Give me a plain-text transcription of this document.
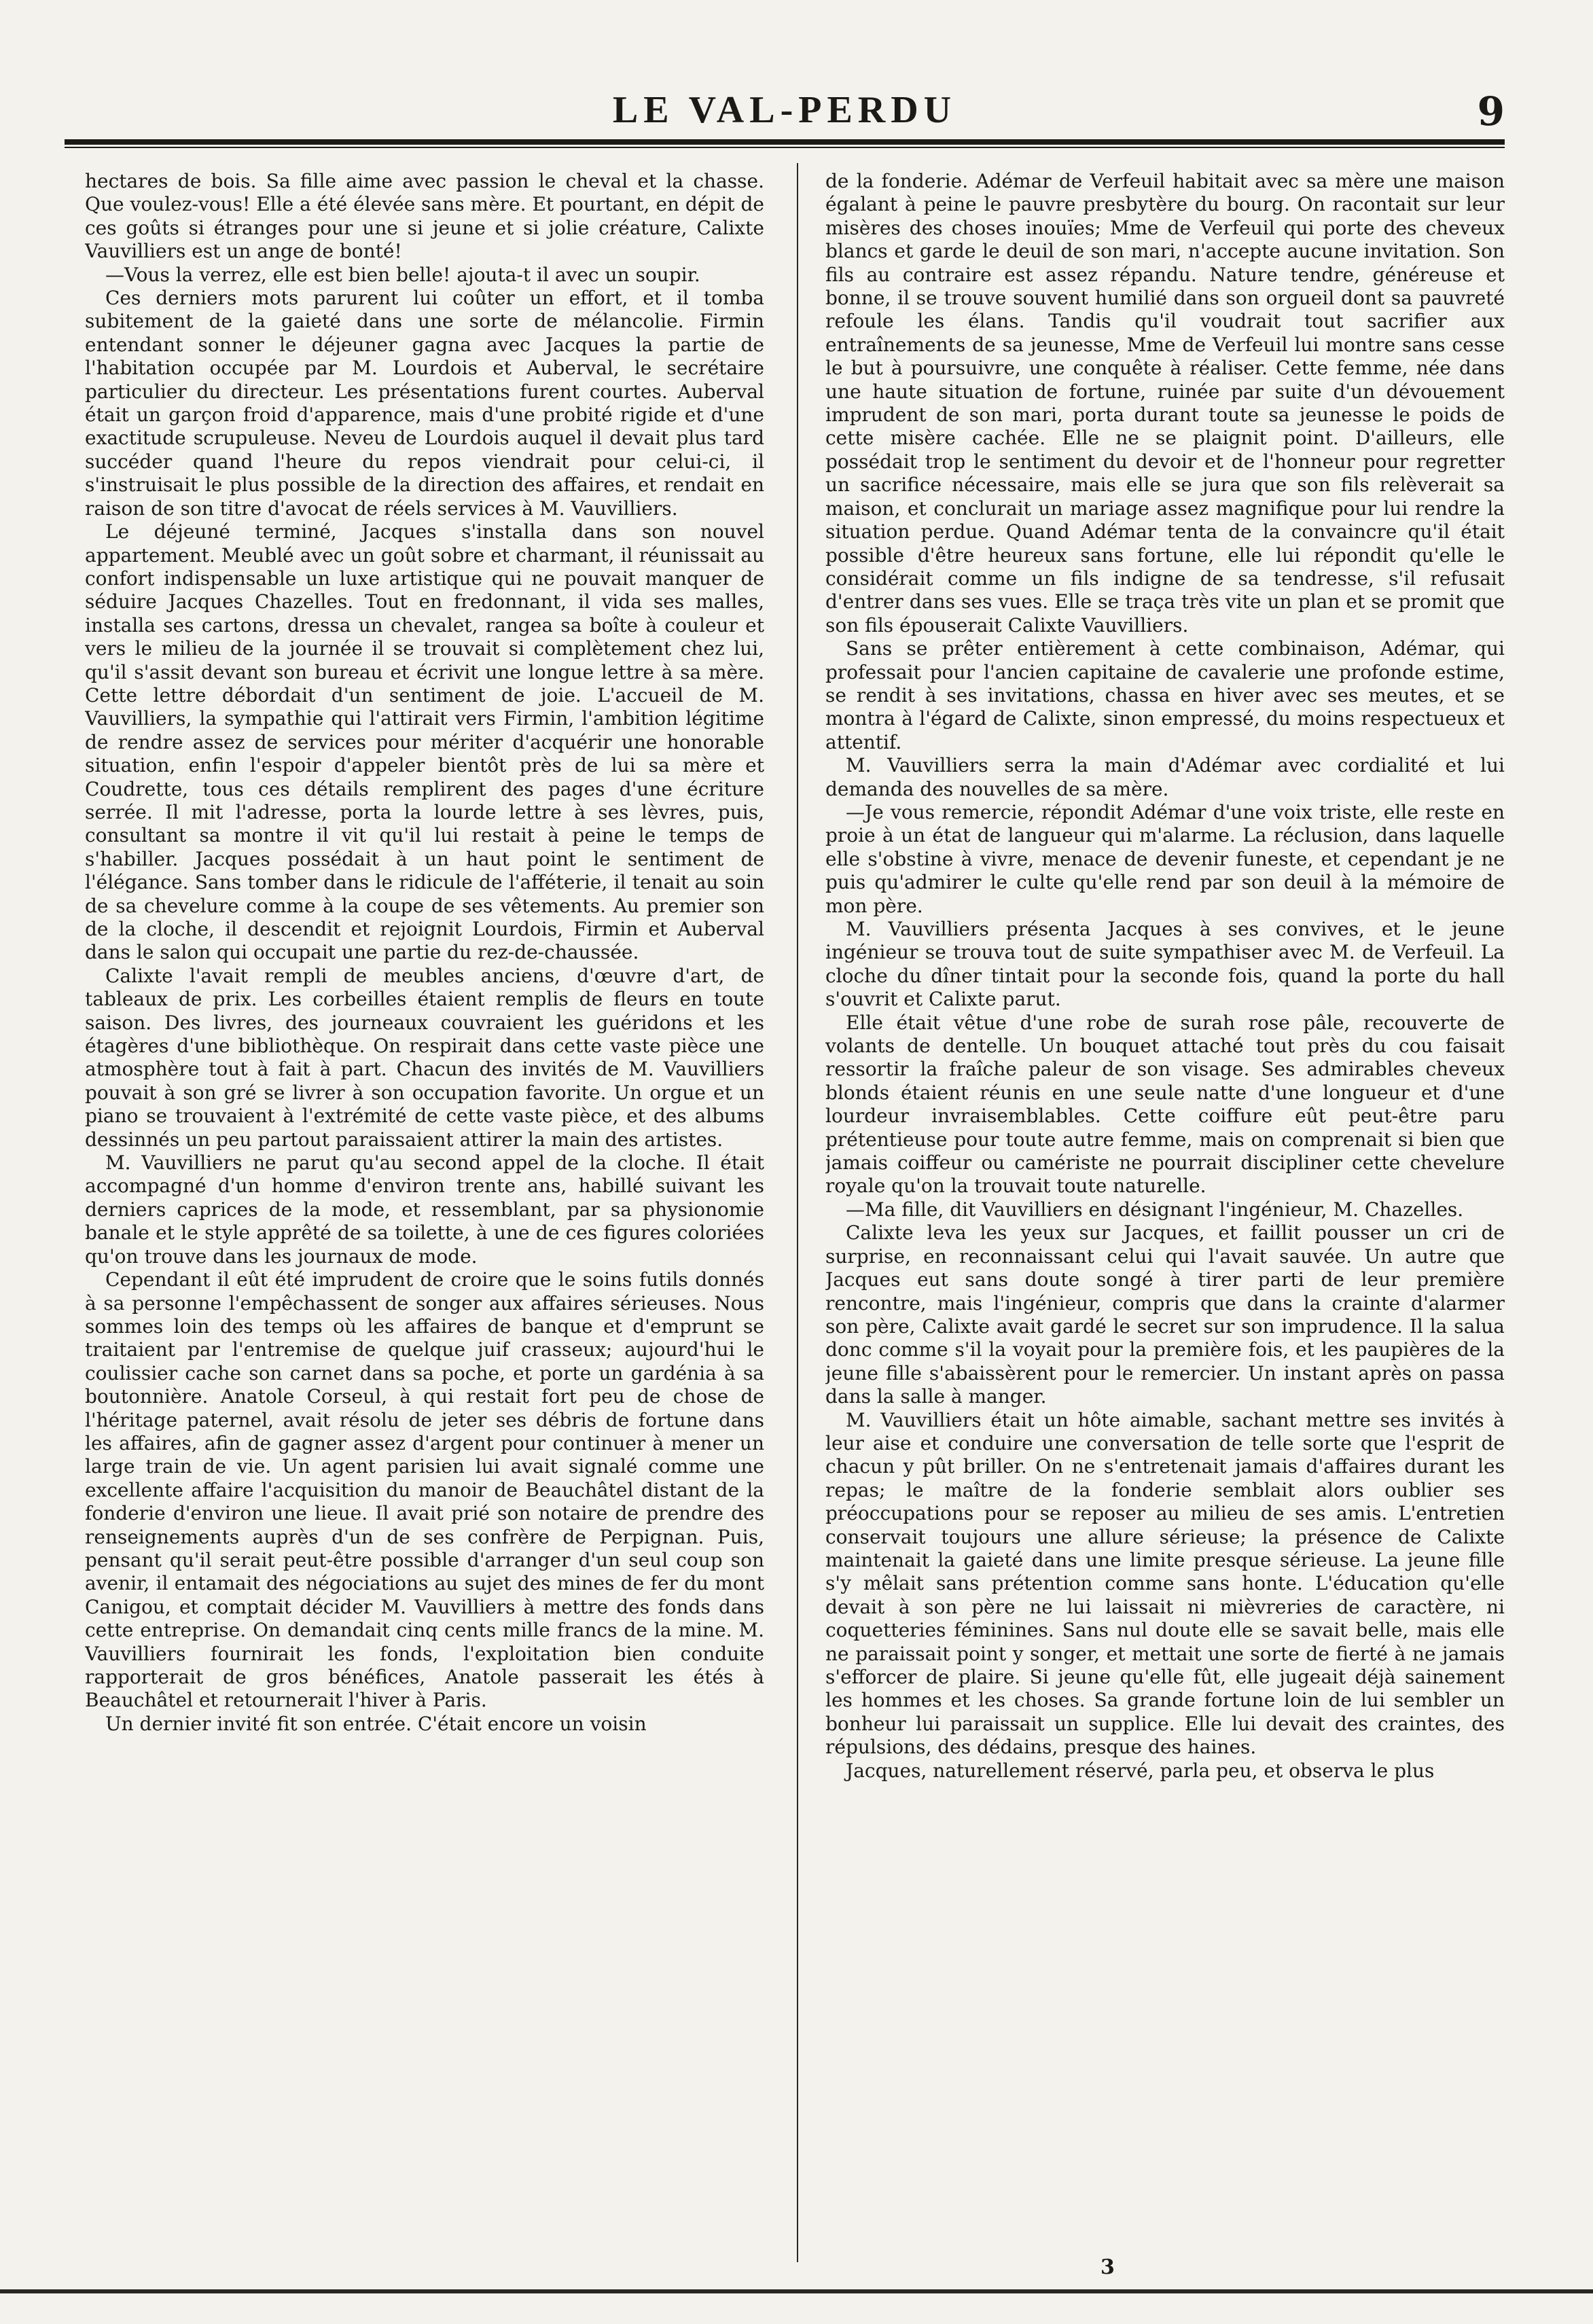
LE VAL-PERDU	9

hectares de bois. Sa fille aime avec passion le cheval et la chasse. Que voulez-vous! Elle a été élevée sans mère. Et pourtant, en dépit de ces goûts si étranges pour une si jeune et si jolie créature, Calixte Vauvilliers est un ange de bonté!

—Vous la verrez, elle est bien belle! ajouta-t il avec un soupir.

Ces derniers mots parurent lui coûter un effort, et il tomba subitement de la gaieté dans une sorte de mélancolie. Firmin entendant sonner le déjeuner gagna avec Jacques la partie de l'habitation occupée par M. Lourdois et Auberval, le secrétaire particulier du directeur. Les présentations furent courtes. Auberval était un garçon froid d'apparence, mais d'une probité rigide et d'une exactitude scrupuleuse. Neveu de Lourdois auquel il devait plus tard succéder quand l'heure du repos viendrait pour celui-ci, il s'instruisait le plus possible de la direction des affaires, et rendait en raison de son titre d'avocat de réels services à M. Vauvilliers.

Le déjeuné terminé, Jacques s'installa dans son nouvel appartement. Meublé avec un goût sobre et charmant, il réunissait au confort indispensable un luxe artistique qui ne pouvait manquer de séduire Jacques Chazelles. Tout en fredonnant, il vida ses malles, installa ses cartons, dressa un chevalet, rangea sa boîte à couleur et vers le milieu de la journée il se trouvait si complètement chez lui, qu'il s'assit devant son bureau et écrivit une longue lettre à sa mère. Cette lettre débordait d'un sentiment de joie. L'accueil de M. Vauvilliers, la sympathie qui l'attirait vers Firmin, l'ambition légitime de rendre assez de services pour mériter d'acquérir une honorable situation, enfin l'espoir d'appeler bientôt près de lui sa mère et Coudrette, tous ces détails remplirent des pages d'une écriture serrée. Il mit l'adresse, porta la lourde lettre à ses lèvres, puis, consultant sa montre il vit qu'il lui restait à peine le temps de s'habiller. Jacques possédait à un haut point le sentiment de l'élégance. Sans tomber dans le ridicule de l'afféterie, il tenait au soin de sa chevelure comme à la coupe de ses vêtements. Au premier son de la cloche, il descendit et rejoignit Lourdois, Firmin et Auberval dans le salon qui occupait une partie du rez-de-chaussée.

Calixte l'avait rempli de meubles anciens, d'œuvre d'art, de tableaux de prix. Les corbeilles étaient remplis de fleurs en toute saison. Des livres, des journeaux couvraient les guéridons et les étagères d'une bibliothèque. On respirait dans cette vaste pièce une atmosphère tout à fait à part. Chacun des invités de M. Vauvilliers pouvait à son gré se livrer à son occupation favorite. Un orgue et un piano se trouvaient à l'extrémité de cette vaste pièce, et des albums dessinnés un peu partout paraissaient attirer la main des artistes.

M. Vauvilliers ne parut qu'au second appel de la cloche. Il était accompagné d'un homme d'environ trente ans, habillé suivant les derniers caprices de la mode, et ressemblant, par sa physionomie banale et le style apprêté de sa toilette, à une de ces figures coloriées qu'on trouve dans les journaux de mode.

Cependant il eût été imprudent de croire que le soins futils donnés à sa personne l'empêchassent de songer aux affaires sérieuses. Nous sommes loin des temps où les affaires de banque et d'emprunt se traitaient par l'entremise de quelque juif crasseux; aujourd'hui le coulissier cache son carnet dans sa poche, et porte un gardénia à sa boutonnière. Anatole Corseul, à qui restait fort peu de chose de l'héritage paternel, avait résolu de jeter ses débris de fortune dans les affaires, afin de gagner assez d'argent pour continuer à mener un large train de vie. Un agent parisien lui avait signalé comme une excellente affaire l'acquisition du manoir de Beauchâtel distant de la fonderie d'environ une lieue. Il avait prié son notaire de prendre des renseignements auprès d'un de ses confrère de Perpignan. Puis, pensant qu'il serait peut-être possible d'arranger d'un seul coup son avenir, il entamait des négociations au sujet des mines de fer du mont Canigou, et comptait décider M. Vauvilliers à mettre des fonds dans cette entreprise. On demandait cinq cents mille francs de la mine. M. Vauvilliers fournirait les fonds, l'exploitation bien conduite rapporterait de gros bénéfices, Anatole passerait les étés à Beauchâtel et retournerait l'hiver à Paris.

Un dernier invité fit son entrée. C'était encore un voisin

de la fonderie. Adémar de Verfeuil habitait avec sa mère une maison égalant à peine le pauvre presbytère du bourg. On racontait sur leur misères des choses inouïes; Mme de Verfeuil qui porte des cheveux blancs et garde le deuil de son mari, n'accepte aucune invitation. Son fils au contraire est assez répandu. Nature tendre, généreuse et bonne, il se trouve souvent humilié dans son orgueil dont sa pauvreté refoule les élans. Tandis qu'il voudrait tout sacrifier aux entraînements de sa jeunesse, Mme de Verfeuil lui montre sans cesse le but à poursuivre, une conquête à réaliser. Cette femme, née dans une haute situation de fortune, ruinée par suite d'un dévouement imprudent de son mari, porta durant toute sa jeunesse le poids de cette misère cachée. Elle ne se plaignit point. D'ailleurs, elle possédait trop le sentiment du devoir et de l'honneur pour regretter un sacrifice nécessaire, mais elle se jura que son fils relèverait sa maison, et conclurait un mariage assez magnifique pour lui rendre la situation perdue. Quand Adémar tenta de la convaincre qu'il était possible d'être heureux sans fortune, elle lui répondit qu'elle le considérait comme un fils indigne de sa tendresse, s'il refusait d'entrer dans ses vues. Elle se traça très vite un plan et se promit que son fils épouserait Calixte Vauvilliers.

Sans se prêter entièrement à cette combinaison, Adémar, qui professait pour l'ancien capitaine de cavalerie une profonde estime, se rendit à ses invitations, chassa en hiver avec ses meutes, et se montra à l'égard de Calixte, sinon empressé, du moins respectueux et attentif.

M. Vauvilliers serra la main d'Adémar avec cordialité et lui demanda des nouvelles de sa mère.

—Je vous remercie, répondit Adémar d'une voix triste, elle reste en proie à un état de langueur qui m'alarme. La réclusion, dans laquelle elle s'obstine à vivre, menace de devenir funeste, et cependant je ne puis qu'admirer le culte qu'elle rend par son deuil à la mémoire de mon père.

M. Vauvilliers présenta Jacques à ses convives, et le jeune ingénieur se trouva tout de suite sympathiser avec M. de Verfeuil. La cloche du dîner tintait pour la seconde fois, quand la porte du hall s'ouvrit et Calixte parut.

Elle était vêtue d'une robe de surah rose pâle, recouverte de volants de dentelle. Un bouquet attaché tout près du cou faisait ressortir la fraîche paleur de son visage. Ses admirables cheveux blonds étaient réunis en une seule natte d'une longueur et d'une lourdeur invraisemblables. Cette coiffure eût peut-être paru prétentieuse pour toute autre femme, mais on comprenait si bien que jamais coiffeur ou caméristе ne pourrait discipliner cette chevelure royale qu'on la trouvait toute naturelle.

—Ma fille, dit Vauvilliers en désignant l'ingénieur, M. Chazelles.

Calixte leva les yeux sur Jacques, et faillit pousser un cri de surprise, en reconnaissant celui qui l'avait sauvée. Un autre que Jacques eut sans doute songé à tirer parti de leur première rencontre, mais l'ingénieur, compris que dans la crainte d'alarmer son père, Calixte avait gardé le secret sur son imprudence. Il la salua donc comme s'il la voyait pour la première fois, et les paupières de la jeune fille s'abaissèrent pour le remercier. Un instant après on passa dans la salle à manger.

M. Vauvilliers était un hôte aimable, sachant mettre ses invités à leur aise et conduire une conversation de telle sorte que l'esprit de chacun y pût briller. On ne s'entretenait jamais d'affaires durant les repas; le maître de la fonderie semblait alors oublier ses préoccupations pour se reposer au milieu de ses amis. L'entretien conservait toujours une allure sérieuse; la présence de Calixte maintenait la gaieté dans une limite presque sérieuse. La jeune fille s'y mêlait sans prétention comme sans honte. L'éducation qu'elle devait à son père ne lui laissait ni mièvreries de caractère, ni coquetteries féminines. Sans nul doute elle se savait belle, mais elle ne paraissait point y songer, et mettait une sorte de fierté à ne jamais s'efforcer de plaire. Si jeune qu'elle fût, elle jugeait déjà sainement les hommes et les choses. Sa grande fortune loin de lui sembler un bonheur lui paraissait un supplice. Elle lui devait des craintes, des répulsions, des dédains, presque des haines.

Jacques, naturellement réservé, parla peu, et observa le plus

3
